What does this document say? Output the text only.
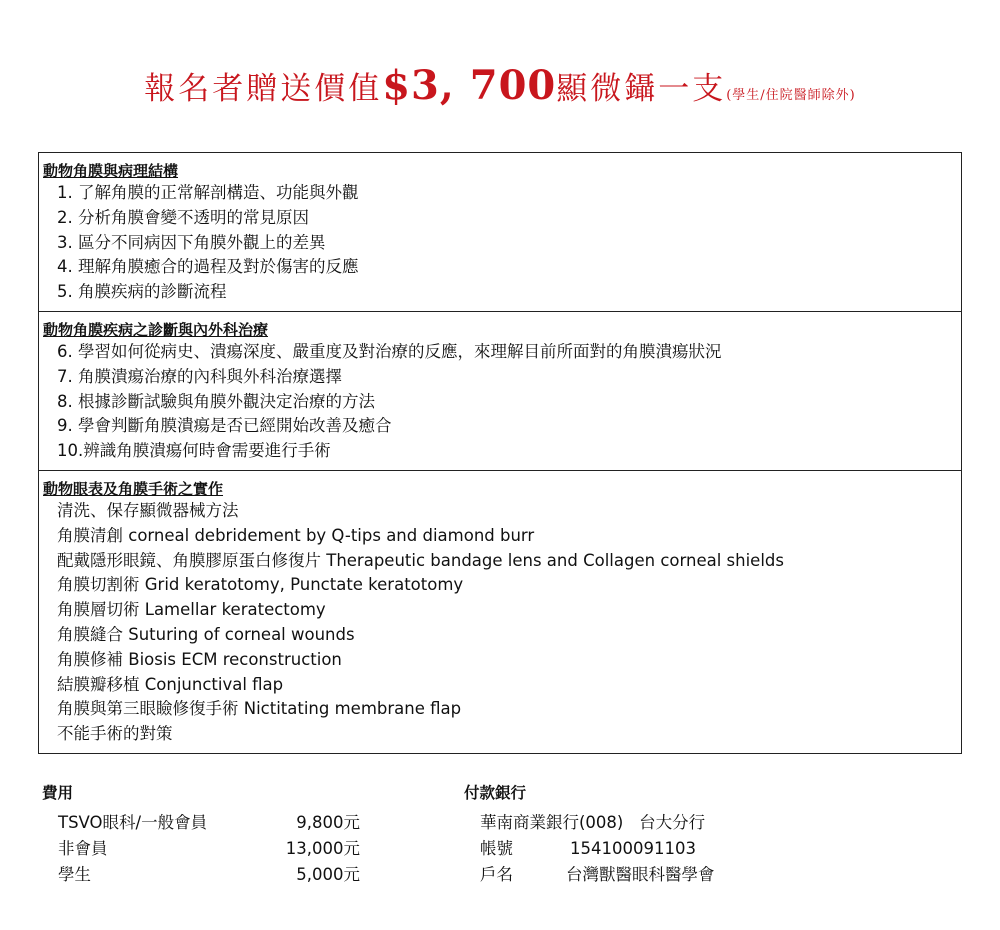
報名者贈送價值$3, 700顯微鑷一支(學生/住院醫師除外)
動物角膜與病理結構
1. 了解角膜的正常解剖構造、功能與外觀
2. 分析角膜會變不透明的常見原因
3. 區分不同病因下角膜外觀上的差異
4. 理解角膜癒合的過程及對於傷害的反應
5. 角膜疾病的診斷流程
動物角膜疾病之診斷與內外科治療
6. 學習如何從病史、潰瘍深度、嚴重度及對治療的反應，來理解目前所面對的角膜潰瘍狀況
7. 角膜潰瘍治療的內科與外科治療選擇
8. 根據診斷試驗與角膜外觀決定治療的方法
9. 學會判斷角膜潰瘍是否已經開始改善及癒合
10.辨識角膜潰瘍何時會需要進行手術
動物眼表及角膜手術之實作
清洗、保存顯微器械方法
角膜清創 corneal debridement by Q-tips and diamond burr
配戴隱形眼鏡、角膜膠原蛋白修復片 Therapeutic bandage lens and Collagen corneal shields
角膜切割術 Grid keratotomy, Punctate keratotomy
角膜層切術 Lamellar keratectomy
角膜縫合 Suturing of corneal wounds
角膜修補 Biosis ECM reconstruction
結膜瓣移植 Conjunctival flap
角膜與第三眼瞼修復手術 Nictitating membrane flap
不能手術的對策
費用
TSVO眼科/一般會員	9,800元
非會員	13,000元
學生	5,000元
付款銀行
華南商業銀行(008)   台大分行
帳號	154100091103
戶名	台灣獸醫眼科醫學會
